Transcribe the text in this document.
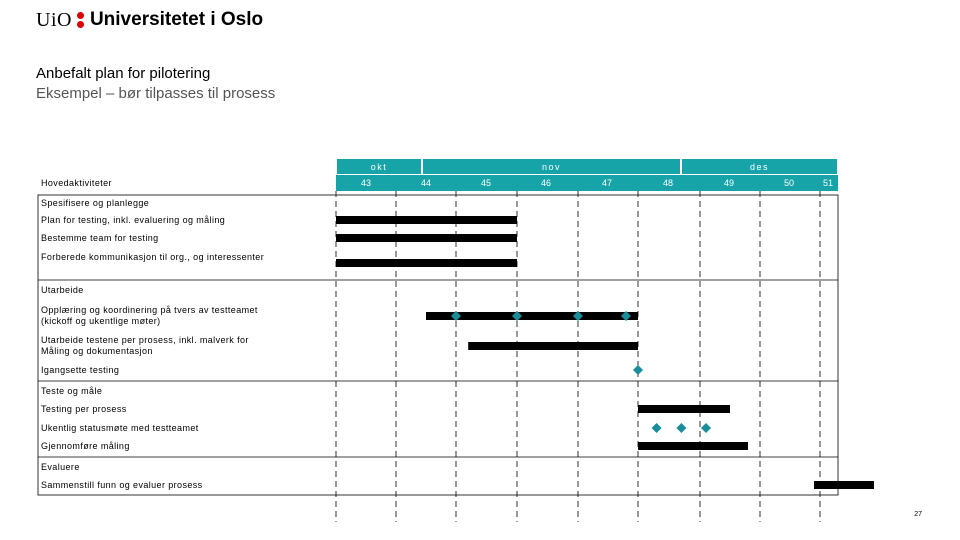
UiO Universitetet i Oslo
Anbefalt plan for pilotering
Eksempel – bør tilpasses til prosess
Hovedaktiviteter
okt	nov	des
43	44	45	46	47	48	49	50	51
Spesifisere og planlegge
Plan for testing, inkl. evaluering og måling
Bestemme team for testing
Forberede kommunikasjon til org., og interessenter
Utarbeide
Opplæring og koordinering på tvers av testteamet (kickoff og ukentlige møter)
Utarbeide testene per prosess, inkl. malverk for Måling og dokumentasjon
Igangsette testing
Teste og måle
Testing per prosess
Ukentlig statusmøte med testteamet
Gjennomføre måling
Evaluere
Sammenstill funn og evaluer prosess
27
